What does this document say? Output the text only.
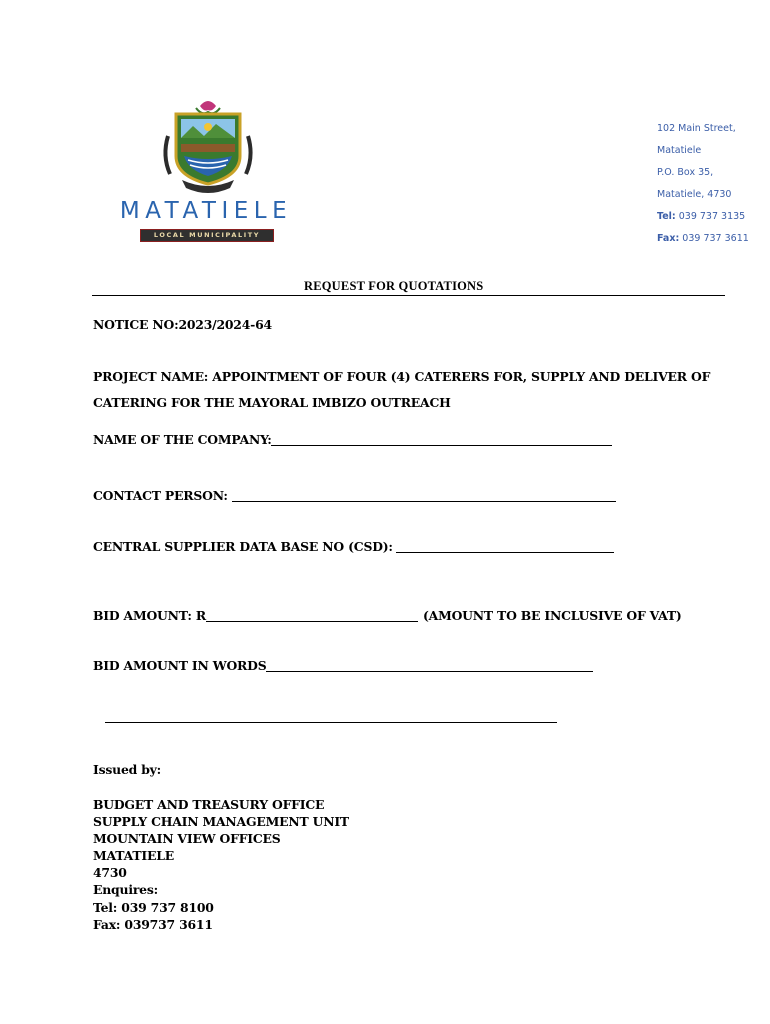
MATATIELE
LOCAL MUNICIPALITY
102 Main Street,
Matatiele
P.O. Box 35,
Matatiele, 4730
Tel: 039 737 3135
Fax: 039 737 3611
REQUEST FOR QUOTATIONS
NOTICE NO:2023/2024-64
PROJECT NAME: APPOINTMENT OF FOUR (4) CATERERS FOR, SUPPLY AND DELIVER OF
CATERING FOR THE MAYORAL IMBIZO OUTREACH
NAME OF THE COMPANY:
CONTACT PERSON:
CENTRAL SUPPLIER DATA BASE NO (CSD):
BID AMOUNT: R	(AMOUNT TO BE INCLUSIVE OF VAT)
BID AMOUNT IN WORDS
Issued by:
BUDGET AND TREASURY OFFICE
SUPPLY CHAIN MANAGEMENT UNIT
MOUNTAIN VIEW OFFICES
MATATIELE
4730
Enquires:
Tel: 039 737 8100
Fax: 039737 3611
